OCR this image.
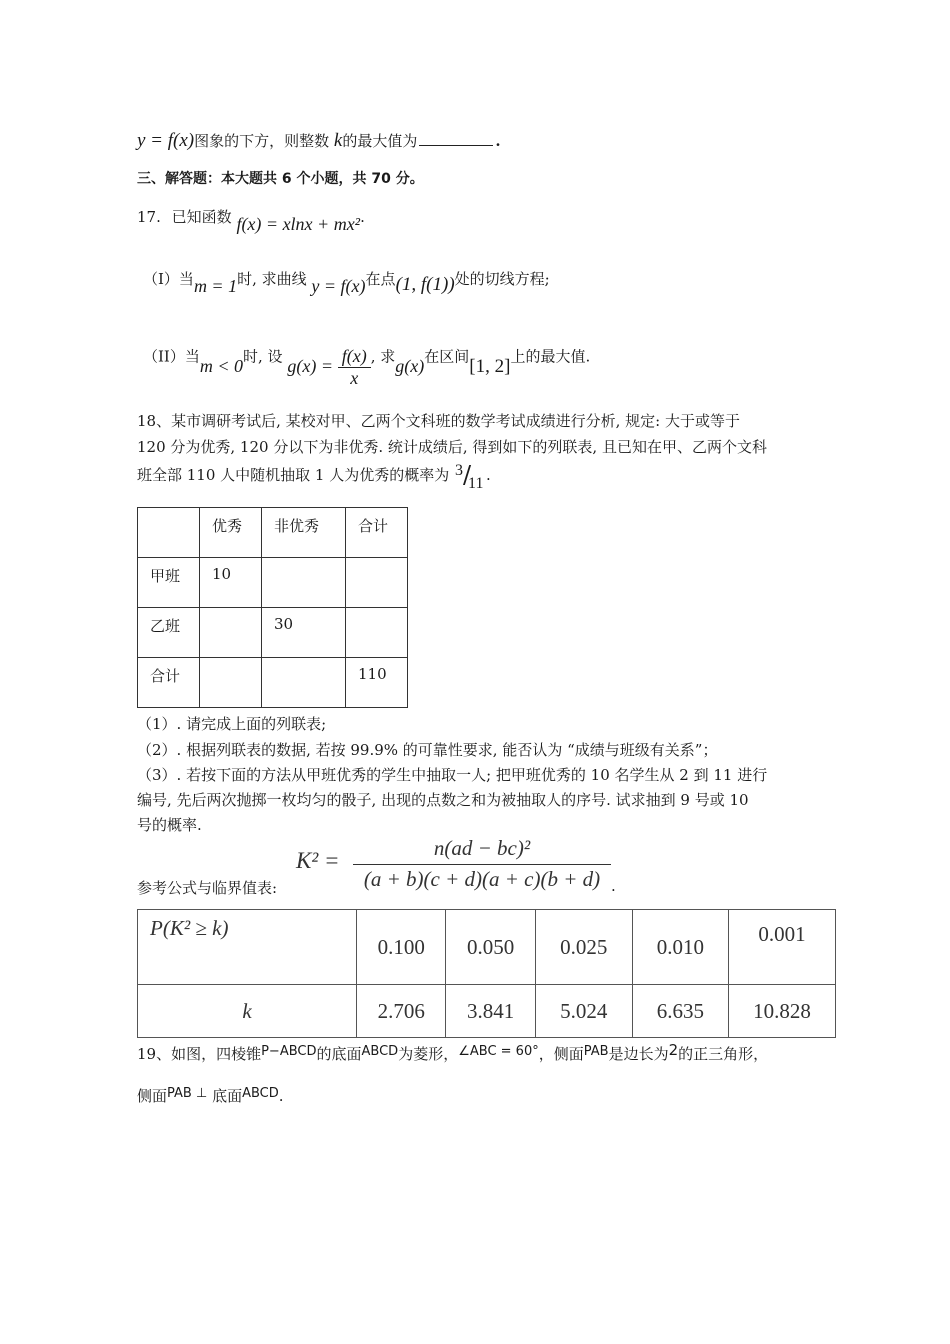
y = f(x)图象的下方，则整数 k的最大值为	.
三、解答题：本大题共 6 个小题，共 70 分。
17. 已知函数 f(x) = xlnx + mx².
（I）当m = 1时, 求曲线 y = f(x)在点(1, f(1))处的切线方程;
（II）当m < 0时, 设 $g(x) = \frac{f(x)}{x}$ , 求g(x)在区间[1, 2]上的最大值.
18、某市调研考试后, 某校对甲、乙两个文科班的数学考试成绩进行分析, 规定: 大于或等于
120 分为优秀, 120 分以下为非优秀. 统计成绩后, 得到如下的列联表, 且已知在甲、乙两个文科
班全部 110 人中随机抽取 1 人为优秀的概率为 3 /
11 .
	优秀	非优秀	合计
甲班	10		
乙班		30	
合计			110
（1）. 请完成上面的列联表;
（2）. 根据列联表的数据, 若按 99.9% 的可靠性要求, 能否认为 “成绩与班级有关系”；
（3）. 若按下面的方法从甲班优秀的学生中抽取一人; 把甲班优秀的 10 名学生从 2 到 11 进行
编号, 先后两次抛掷一枚均匀的骰子, 出现的点数之和为被抽取人的序号. 试求抽到 9 号或 10
号的概率.
参考公式与临界值表:
K² =	n(ad − bc)²
(a + b)(c + d)(a + c)(b + d) .
P(K² ≥ k)	0.100	0.050	0.025	0.010	0.001
k	2.706	3.841	5.024	6.635	10.828
19、如图，四棱锥P−ABCD的底面ABCD为菱形，∠ABC = 60°，侧面PAB是边长为2的正三角形，
侧面PAB ⊥ 底面ABCD.
